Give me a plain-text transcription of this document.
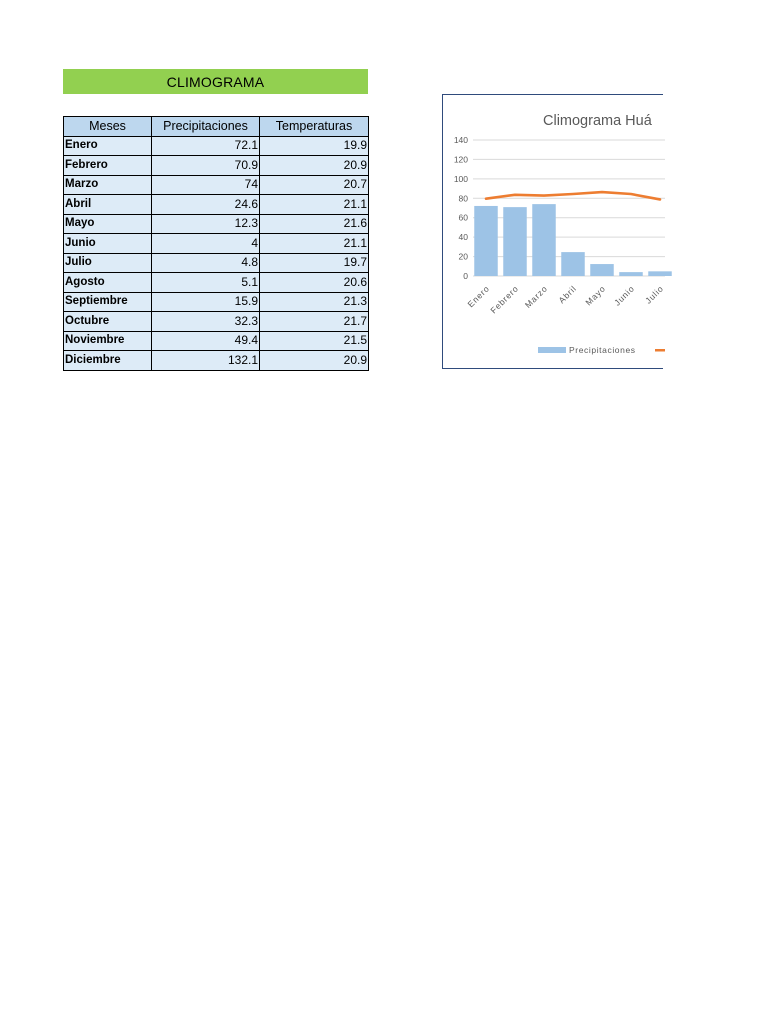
CLIMOGRAMA
Meses	Precipitaciones	Temperaturas
Enero	72.1	19.9
Febrero	70.9	20.9
Marzo	74	20.7
Abril	24.6	21.1
Mayo	12.3	21.6
Junio	4	21.1
Julio	4.8	19.7
Agosto	5.1	20.6
Septiembre	15.9	21.3
Octubre	32.3	21.7
Noviembre	49.4	21.5
Diciembre	132.1	20.9
Climograma Huá
0
20
40
60
80
100
120
140
Enero
Febrero Marzo Abril Mayo Junio Julio
Precipitaciones
